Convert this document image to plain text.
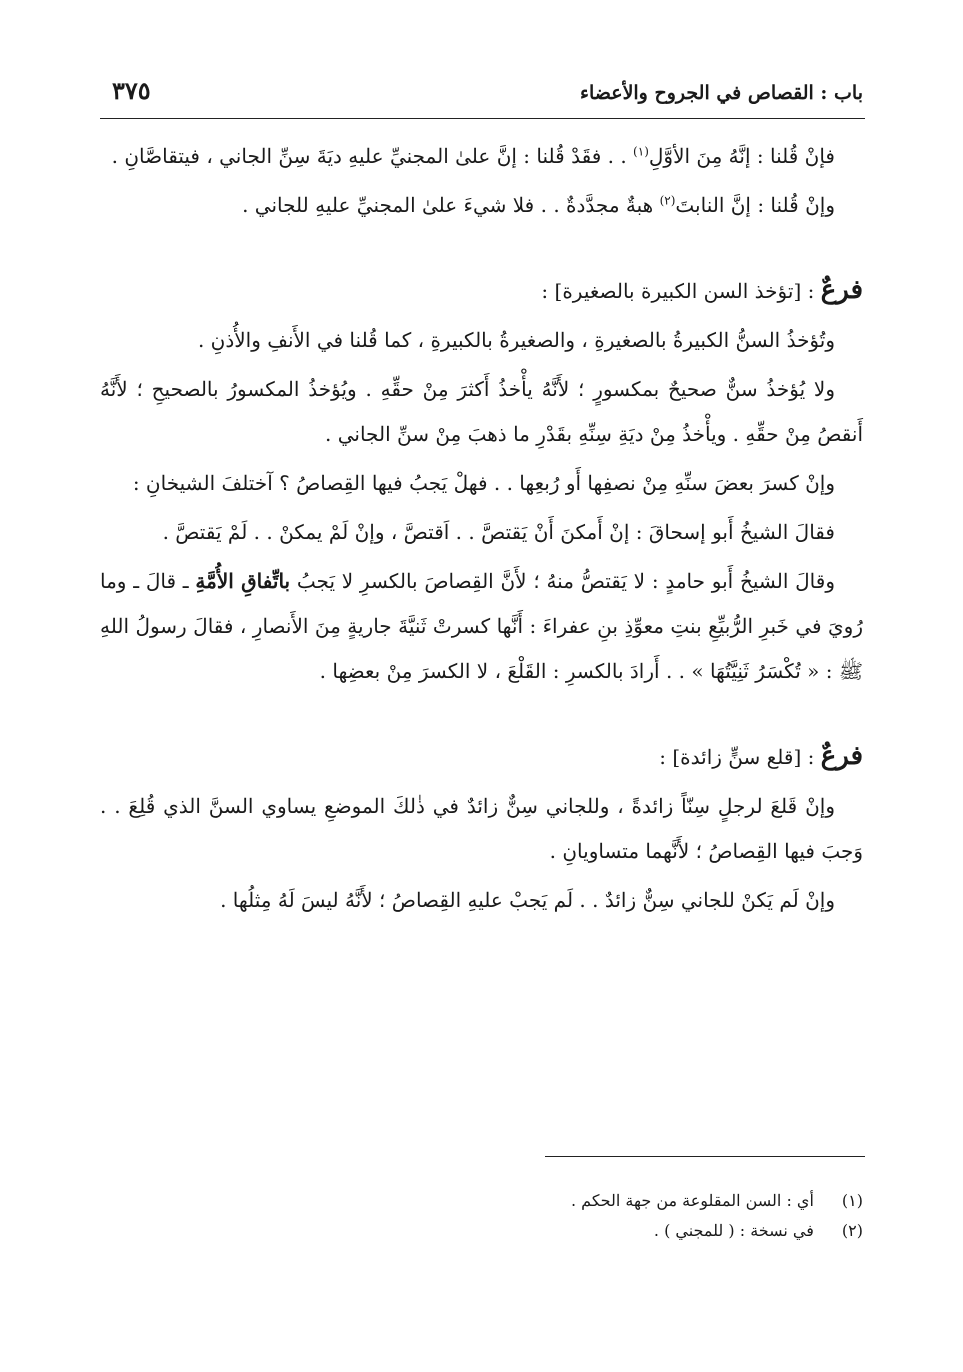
باب : القصاص في الجروح والأعضاء
٣٧٥

فإنْ قُلنا : إنَّهُ مِنَ الأوَّلِ$^{(١)}$ . . فقَدْ قُلنا : إنَّ علىٰ المجنيِّ عليهِ ديَةَ سِنِّ الجاني ، فيتقاصَّانِ .

وإنْ قُلنا : إنَّ النابتَ$^{(٢)}$ هبةٌ مجدَّدةٌ . . فلا شيءَ علىٰ المجنيِّ عليهِ للجاني .

فرعٌ : [تؤخذ السن الكبيرة بالصغيرة] :

وتُؤخذُ السنُّ الكبيرةُ بالصغيرةِ ، والصغيرةُ بالكبيرةِ ، كما قُلنا في الأَنفِ والأُذنِ .

ولا يُؤخذُ سنٌّ صحيحٌ بمكسورٍ ؛ لأَنَّهُ يأْخذُ أَكثرَ مِنْ حقِّهِ . ويُؤخذُ المكسورُ بالصحيحِ ؛ لأَنَّهُ أَنقصُ مِنْ حقِّهِ . ويأْخذُ مِنْ ديَةِ سِنِّهِ بقَدْرِ ما ذهبَ مِنْ سنِّ الجاني .

وإنْ كسرَ بعضَ سنِّهِ مِنْ نصفِها أَو رُبعِها . . فهلْ يَجبُ فيها القِصاصُ ؟ آختلفَ الشيخانِ :

فقالَ الشيخُ أَبو إسحاقَ : إنْ أَمكنَ أَنْ يَقتصَّ . . اَقتصَّ ، وإنْ لَمْ يمكنْ . . لَمْ يَقتصَّ .

وقالَ الشيخُ أَبو حامدٍ : لا يَقتصُّ منهُ ؛ لأَنَّ القِصاصَ بالكسرِ لا يَجبُ باتِّفاقِ الأُمَّةِ ـ قالَ ـ وما رُويَ في خَبرِ الرُّبيِّعِ بنتِ معوِّذِ بنِ عفراءَ : أَنَّها كسرتْ ثَنيَّةَ جاريةٍ مِنَ الأَنصارِ ، فقالَ رسولُ اللهِ ﷺ : « تُكْسَرُ ثَنِيَّتُهَا » . . أَرادَ بالكسرِ : القَلْعَ ، لا الكسرَ مِنْ بعضِها .

فرعٌ : [قلع سنٍّ زائدة] :

وإنْ قَلعَ لرجلٍ سِنّاً زائدةً ، وللجاني سِنٌّ زائدٌ في ذٰلكَ الموضعِ يساوي السنَّ الذي قُلِعَ . . وَجبَ فيها القِصاصُ ؛ لأَنَّهما متساويانِ .

وإنْ لَم يَكنْ للجاني سِنٌّ زائدٌ . . لَم يَجبْ عليهِ القِصاصُ ؛ لأَنَّهُ ليسَ لَهُ مِثلُها .

(١) أي : السن المقلوعة من جهة الحكم .
(٢) في نسخة : ( للمجني ) .
